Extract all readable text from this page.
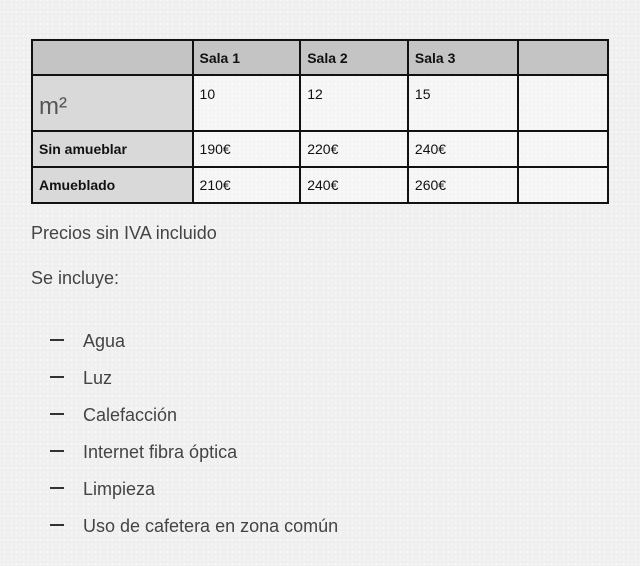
	Sala 1	Sala 2	Sala 3	
m²	10	12	15	
Sin amueblar	190€	220€	240€	
Amueblado	210€	240€	260€	
Precios sin IVA incluido
Se incluye:
Agua
Luz
Calefacción
Internet fibra óptica
Limpieza
Uso de cafetera en zona común
